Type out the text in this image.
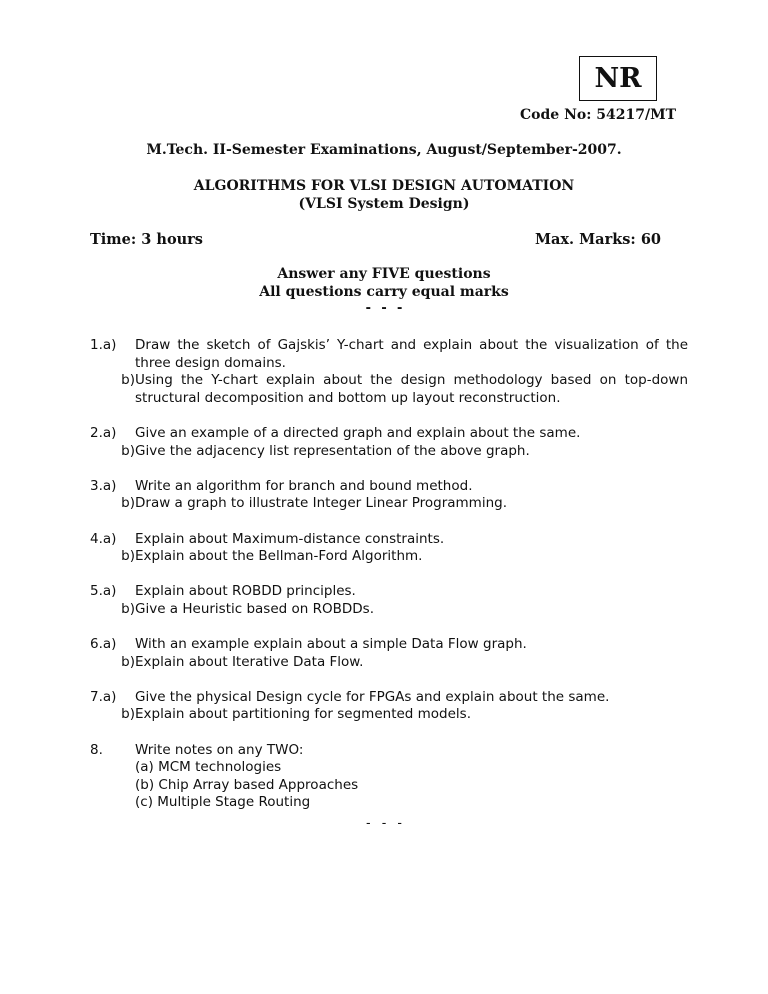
NR
Code No: 54217/MT
M.Tech. II-Semester Examinations, August/September-2007.
ALGORITHMS FOR VLSI DESIGN AUTOMATION
(VLSI System Design)
Time: 3 hours	Max. Marks: 60
Answer any FIVE questions
All questions carry equal marks
- - -
1.a)	Draw the sketch of Gajskis’ Y-chart and explain about the visualization of the three design domains.
b) Using the Y-chart explain about the design methodology based on top-down structural decomposition and bottom up layout reconstruction.
2.a)	Give an example of a directed graph and explain about the same.
b) Give the adjacency list representation of the above graph.
3.a)	Write an algorithm for branch and bound method.
b) Draw a graph to illustrate Integer Linear Programming.
4.a)	Explain about Maximum-distance constraints.
b) Explain about the Bellman-Ford Algorithm.
5.a)	Explain about ROBDD principles.
b) Give a Heuristic based on ROBDDs.
6.a)	With an example explain about a simple Data Flow graph.
b) Explain about Iterative Data Flow.
7.a)	Give the physical Design cycle for FPGAs and explain about the same.
b) Explain about partitioning for segmented models.
8.	Write notes on any TWO:
(a) MCM technologies
(b) Chip Array based Approaches
(c) Multiple Stage Routing
- - -
